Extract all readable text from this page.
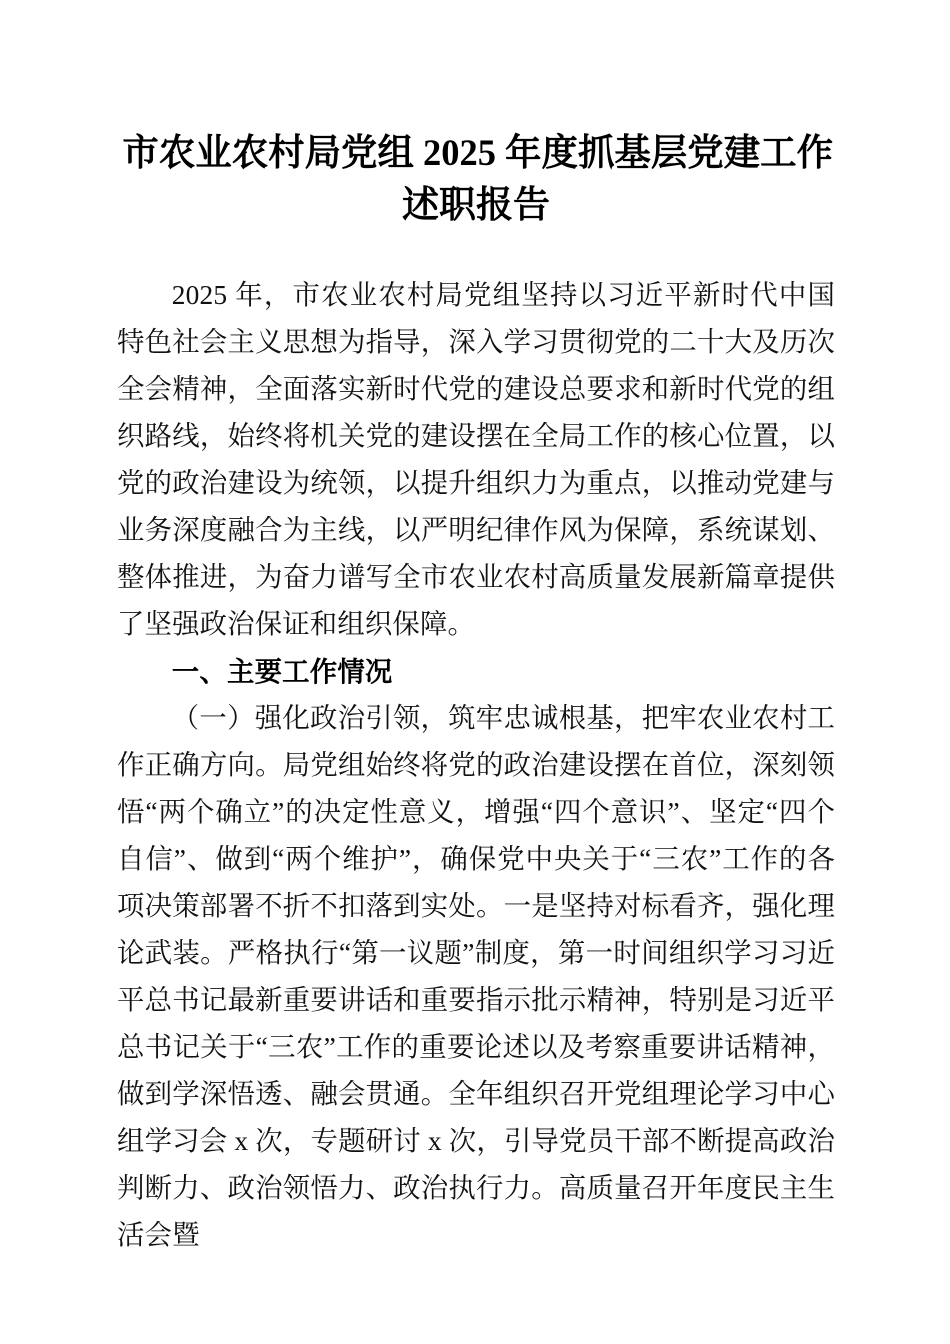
市农业农村局党组 2025 年度抓基层党建工作
述职报告

2025 年，市农业农村局党组坚持以习近平新时代中国特色社会主义思想为指导，深入学习贯彻党的二十大及历次全会精神，全面落实新时代党的建设总要求和新时代党的组织路线，始终将机关党的建设摆在全局工作的核心位置，以党的政治建设为统领，以提升组织力为重点，以推动党建与业务深度融合为主线，以严明纪律作风为保障，系统谋划、整体推进，为奋力谱写全市农业农村高质量发展新篇章提供了坚强政治保证和组织保障。

一、主要工作情况

（一）强化政治引领，筑牢忠诚根基，把牢农业农村工作正确方向。局党组始终将党的政治建设摆在首位，深刻领悟“两个确立”的决定性意义，增强“四个意识”、坚定“四个自信”、做到“两个维护”，确保党中央关于“三农”工作的各项决策部署不折不扣落到实处。一是坚持对标看齐，强化理论武装。严格执行“第一议题”制度，第一时间组织学习习近平总书记最新重要讲话和重要指示批示精神，特别是习近平总书记关于“三农”工作的重要论述以及考察重要讲话精神，做到学深悟透、融会贯通。全年组织召开党组理论学习中心组学习会 x 次，专题研讨 x 次，引导党员干部不断提高政治判断力、政治领悟力、政治执行力。高质量召开年度民主生活会暨
